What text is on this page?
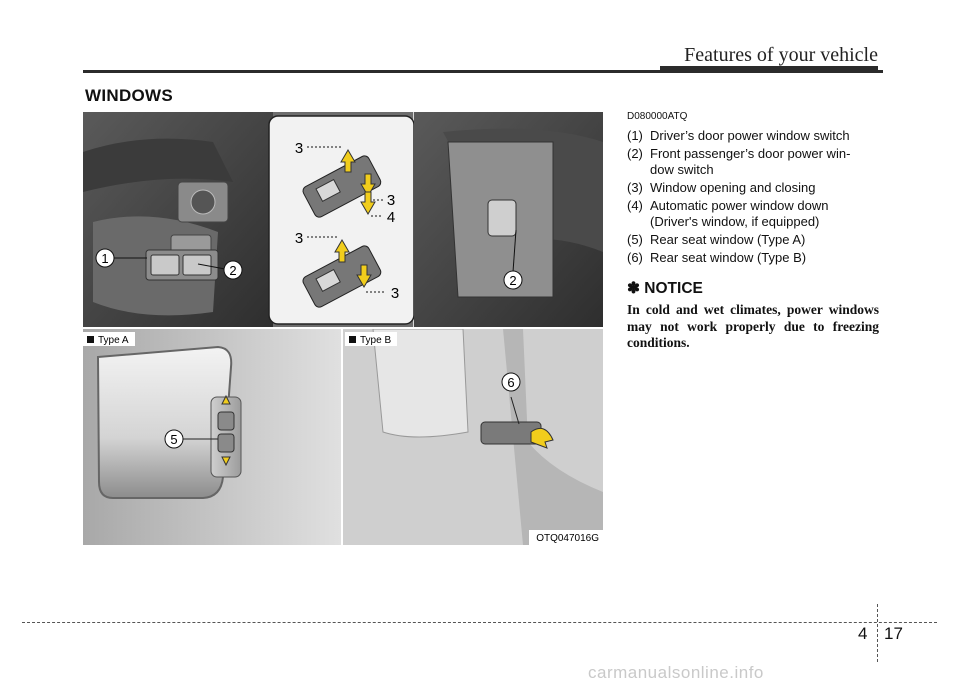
Features of your vehicle
WINDOWS
1
2
2
3
3
4
3
3
5
6
Type A	Type B
OTQ047016G
D080000ATQ
(1) Driver’s door power window switch
(2) Front passenger’s door power win-
dow switch
(3) Window opening and closing
(4) Automatic power window down
(Driver's window, if equipped)
(5) Rear seat window (Type A)
(6) Rear seat window (Type B)
✽ NOTICE
In cold and wet climates, power windows may not work properly due to freezing conditions.
4 17
carmanualsonline.info
